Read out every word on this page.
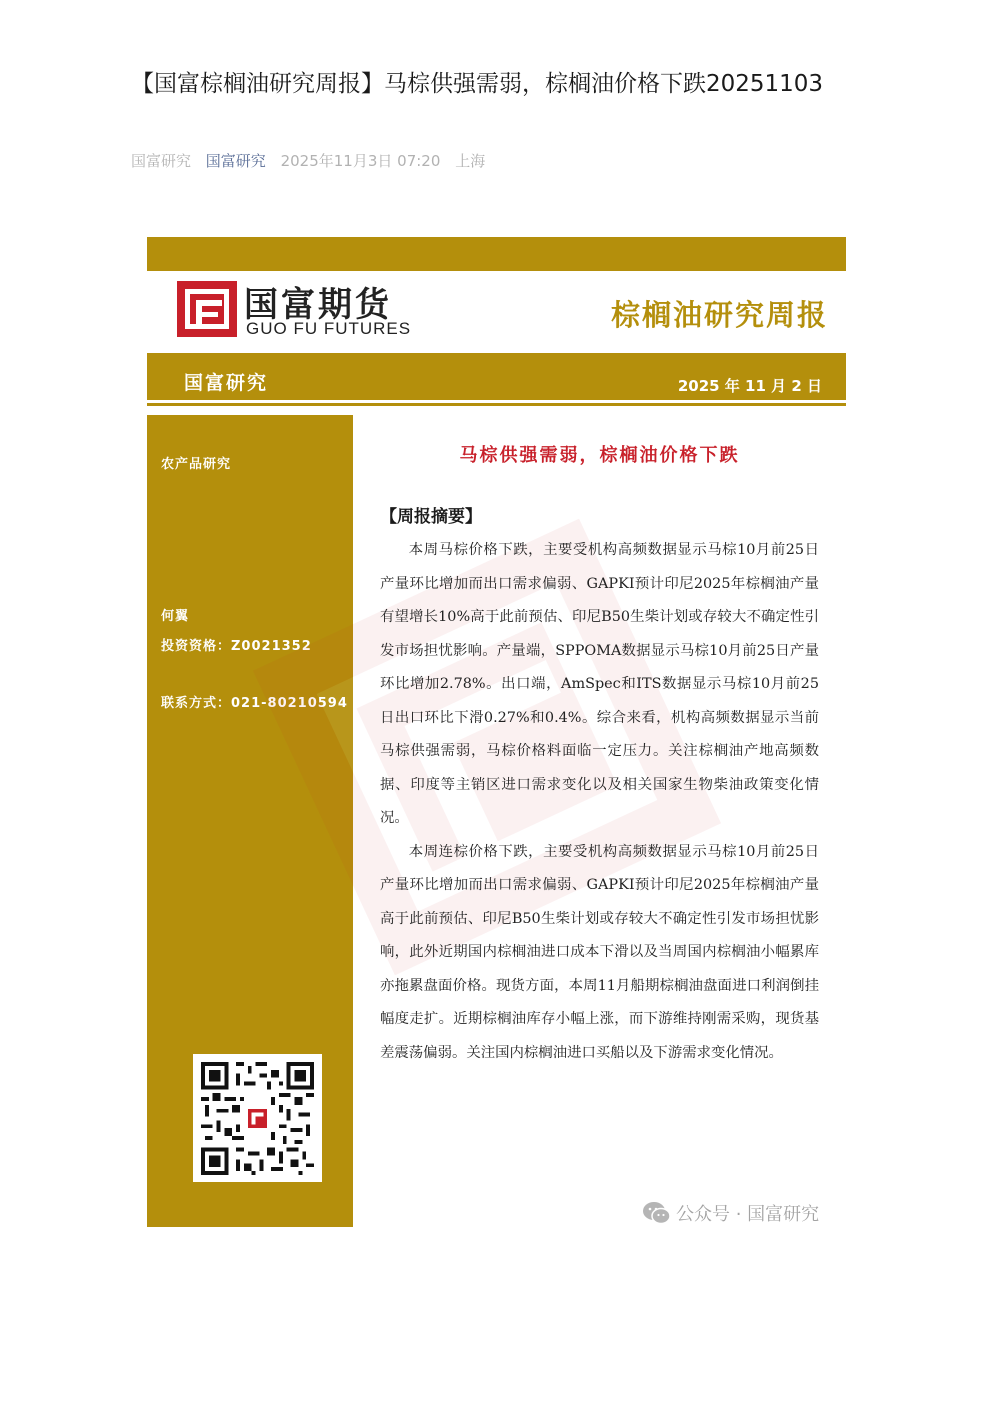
【国富棕榈油研究周报】马棕供强需弱，棕榈油价格下跌20251103
国富研究 国富研究 2025年11月3日 07:20 上海
国富期货
GUO FU FUTURES	棕榈油研究周报
国富研究	2025 年 11 月 2 日
农产品研究
何翼
投资资格：Z0021352
联系方式：021-80210594
马棕供强需弱，棕榈油价格下跌
【周报摘要】

本周马棕价格下跌，主要受机构高频数据显示马棕10月前25日产量环比增加而出口需求偏弱、GAPKI预计印尼2025年棕榈油产量有望增长10%高于此前预估、印尼B50生柴计划或存较大不确定性引发市场担忧影响。产量端，SPPOMA数据显示马棕10月前25日产量环比增加2.78%。出口端，AmSpec和ITS数据显示马棕10月前25日出口环比下滑0.27%和0.4%。综合来看，机构高频数据显示当前马棕供强需弱，马棕价格料面临一定压力。关注棕榈油产地高频数据、印度等主销区进口需求变化以及相关国家生物柴油政策变化情况。

本周连棕价格下跌，主要受机构高频数据显示马棕10月前25日产量环比增加而出口需求偏弱、GAPKI预计印尼2025年棕榈油产量高于此前预估、印尼B50生柴计划或存较大不确定性引发市场担忧影响，此外近期国内棕榈油进口成本下滑以及当周国内棕榈油小幅累库亦拖累盘面价格。现货方面，本周11月船期棕榈油盘面进口利润倒挂幅度走扩。近期棕榈油库存小幅上涨，而下游维持刚需采购，现货基差震荡偏弱。关注国内棕榈油进口买船以及下游需求变化情况。

公众号 · 国富研究
